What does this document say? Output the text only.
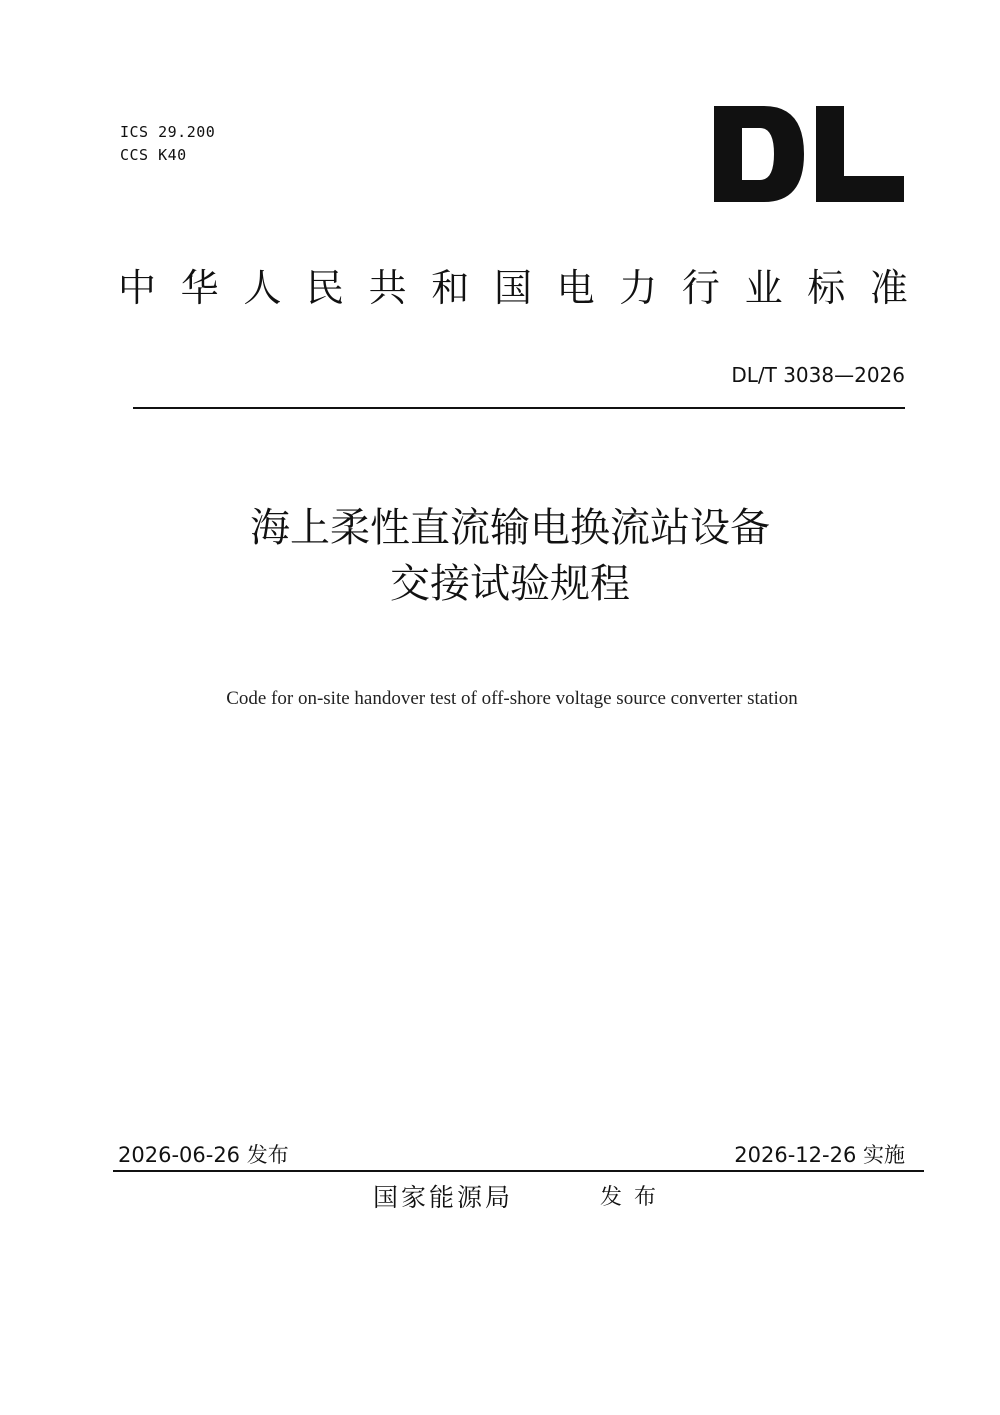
ICS 29.200
CCS K40
中 华 人 民 共 和 国 电 力 行 业 标 准
DL/T 3038—2026
海上柔性直流输电换流站设备
交接试验规程
Code for on-site handover test of off-shore voltage source converter station
2026-06-26 发布	2026-12-26 实施
国家能源局	发布
